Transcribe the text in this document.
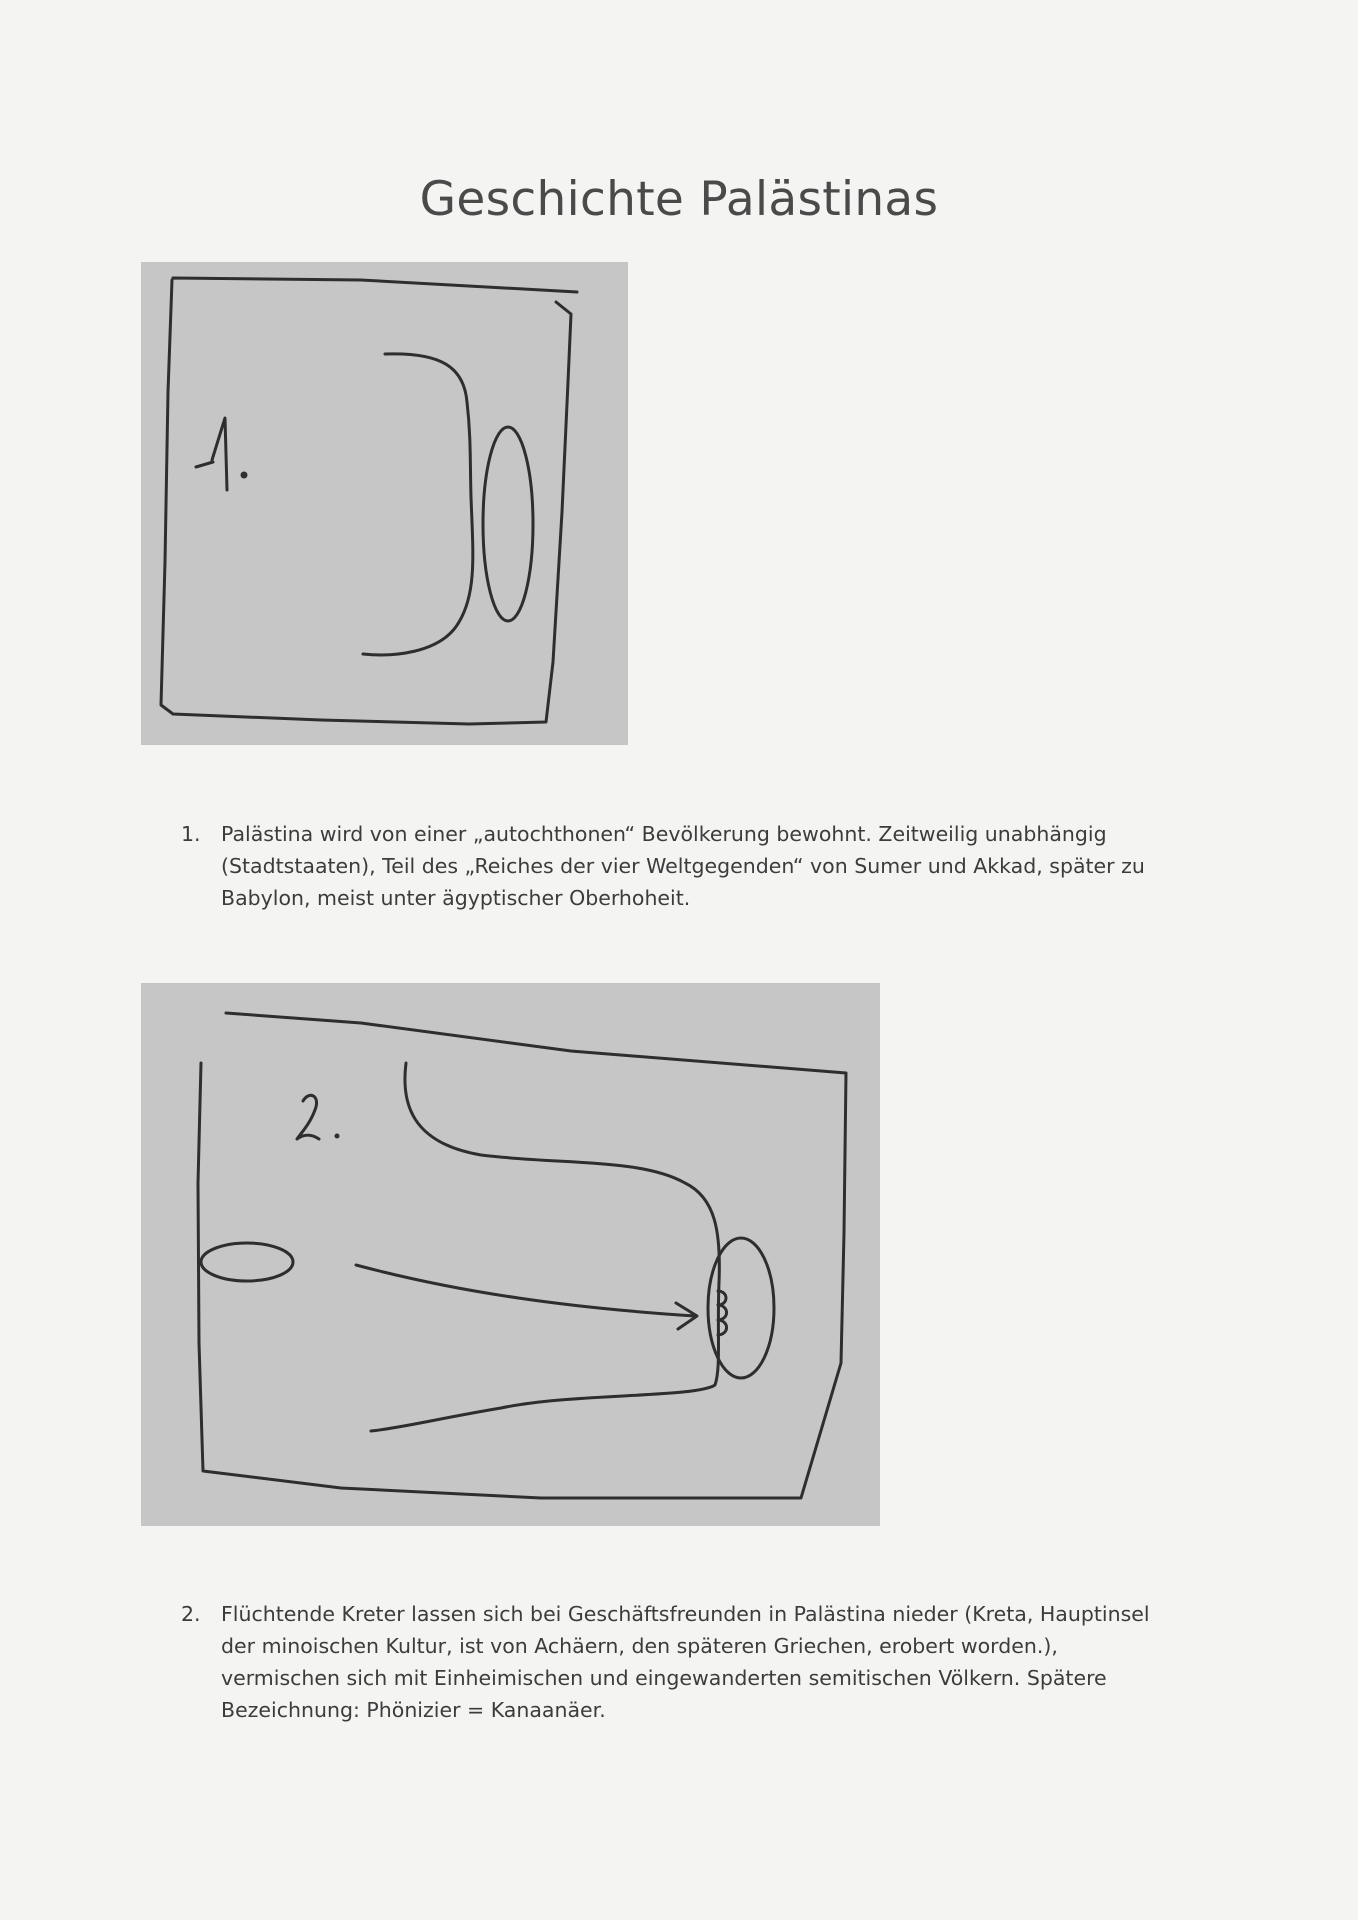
Geschichte Palästinas
1. Palästina wird von einer „autochthonen“ Bevölkerung bewohnt. Zeitweilig unabhängig
(Stadtstaaten), Teil des „Reiches der vier Weltgegenden“ von Sumer und Akkad, später zu
Babylon, meist unter ägyptischer Oberhoheit.
2. Flüchtende Kreter lassen sich bei Geschäftsfreunden in Palästina nieder (Kreta, Hauptinsel
der minoischen Kultur, ist von Achäern, den späteren Griechen, erobert worden.),
vermischen sich mit Einheimischen und eingewanderten semitischen Völkern. Spätere
Bezeichnung: Phönizier = Kanaanäer.
